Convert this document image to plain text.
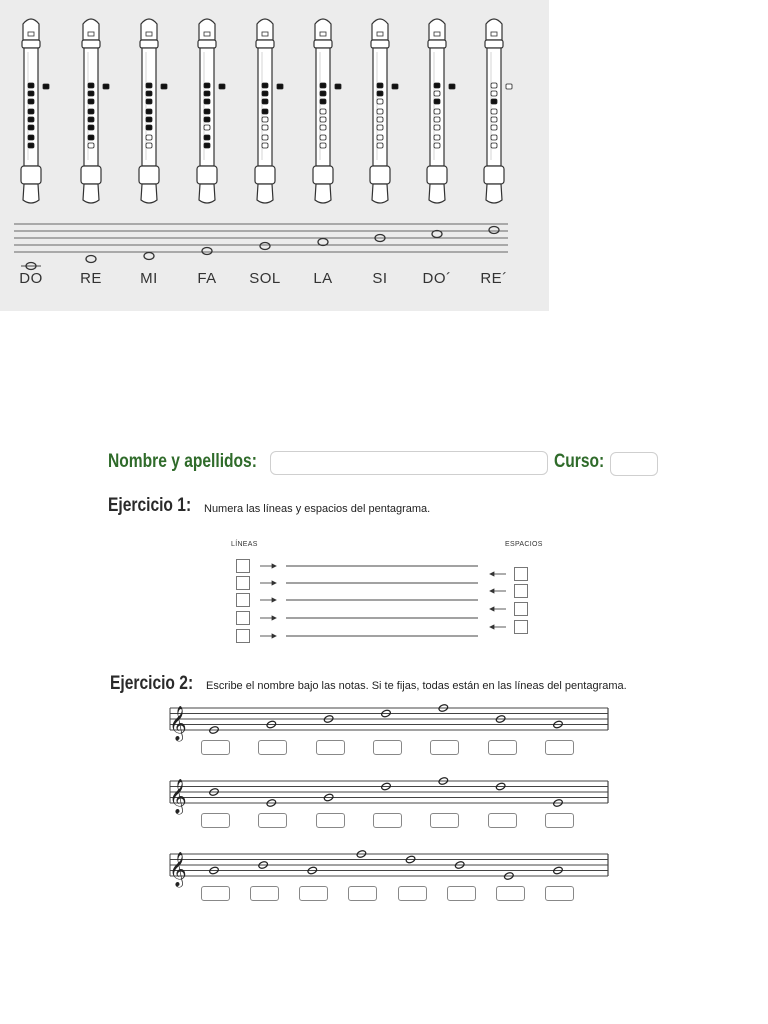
DO RE	MI	FA SOL LA	SI DO´ RE´
Nombre y apellidos:	Curso:
Ejercicio 1: Numera las líneas y espacios del pentagrama.
LÍNEAS	ESPACIOS
Ejercicio 2: Escribe el nombre bajo las notas. Si te fijas, todas están en las líneas del pentagrama.
𝄞
𝄞
𝄞
